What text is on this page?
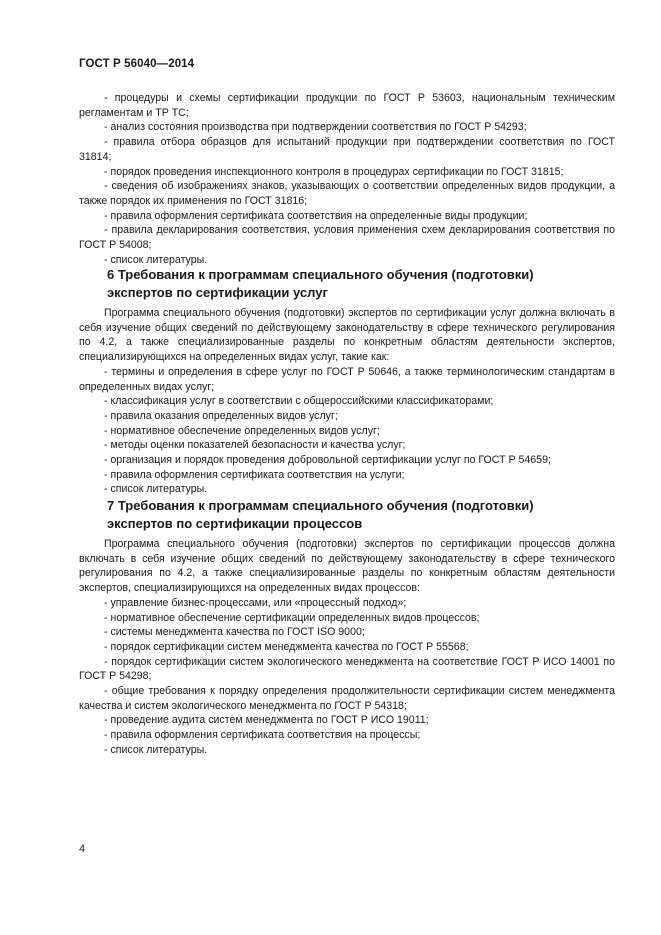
ГОСТ Р 56040—2014

- процедуры и схемы сертификации продукции по ГОСТ Р 53603, национальным техническим регламентам и ТР ТС;

- анализ состояния производства при подтверждении соответствия по ГОСТ Р 54293;

- правила отбора образцов для испытаний продукции при подтверждении соответствия по ГОСТ 31814;

- порядок проведения инспекционного контроля в процедурах сертификации по ГОСТ 31815;

- сведения об изображениях знаков, указывающих о соответствии определенных видов продукции, а также порядок их применения по ГОСТ 31816;

- правила оформления сертификата соответствия на определенные виды продукции;

- правила декларирования соответствия, условия применения схем декларирования соответствия по ГОСТ Р 54008;

- список литературы.

6 Требования к программам специального обучения (подготовки)
экспертов по сертификации услуг

Программа специального обучения (подготовки) экспертов по сертификации услуг должна включать в себя изучение общих сведений по действующему законодательству в сфере технического регулирования по 4.2, а также специализированные разделы по конкретным областям деятельности экспертов, специализирующихся на определенных видах услуг, такие как:

- термины и определения в сфере услуг по ГОСТ Р 50646, а также терминологическим стандартам в определенных видах услуг;

- классификация услуг в соответствии с общероссийскими классификаторами;

- правила оказания определенных видов услуг;

- нормативное обеспечение определенных видов услуг;

- методы оценки показателей безопасности и качества услуг;

- организация и порядок проведения добровольной сертификации услуг по ГОСТ Р 54659;

- правила оформления сертификата соответствия на услуги;

- список литературы.

7 Требования к программам специального обучения (подготовки)
экспертов по сертификации процессов

Программа специального обучения (подготовки) экспертов по сертификации процессов должна включать в себя изучение общих сведений по действующему законодательству в сфере технического регулирования по 4.2, а также специализированные разделы по конкретным областям деятельности экспертов, специализирующихся на определенных видах процессов:

- управление бизнес-процессами, или «процессный подход»;

- нормативное обеспечение сертификации определенных видов процессов;

- системы менеджмента качества по ГОСТ ISO 9000;

- порядок сертификации систем менеджмента качества по ГОСТ Р 55568;

- порядок сертификации систем экологического менеджмента на соответствие ГОСТ Р ИСО 14001 по ГОСТ Р 54298;

- общие требования к порядку определения продолжительности сертификации систем менеджмента качества и систем экологического менеджмента по ГОСТ Р 54318;

- проведение аудита систем менеджмента по ГОСТ Р ИСО 19011;

- правила оформления сертификата соответствия на процессы;

- список литературы.

4
